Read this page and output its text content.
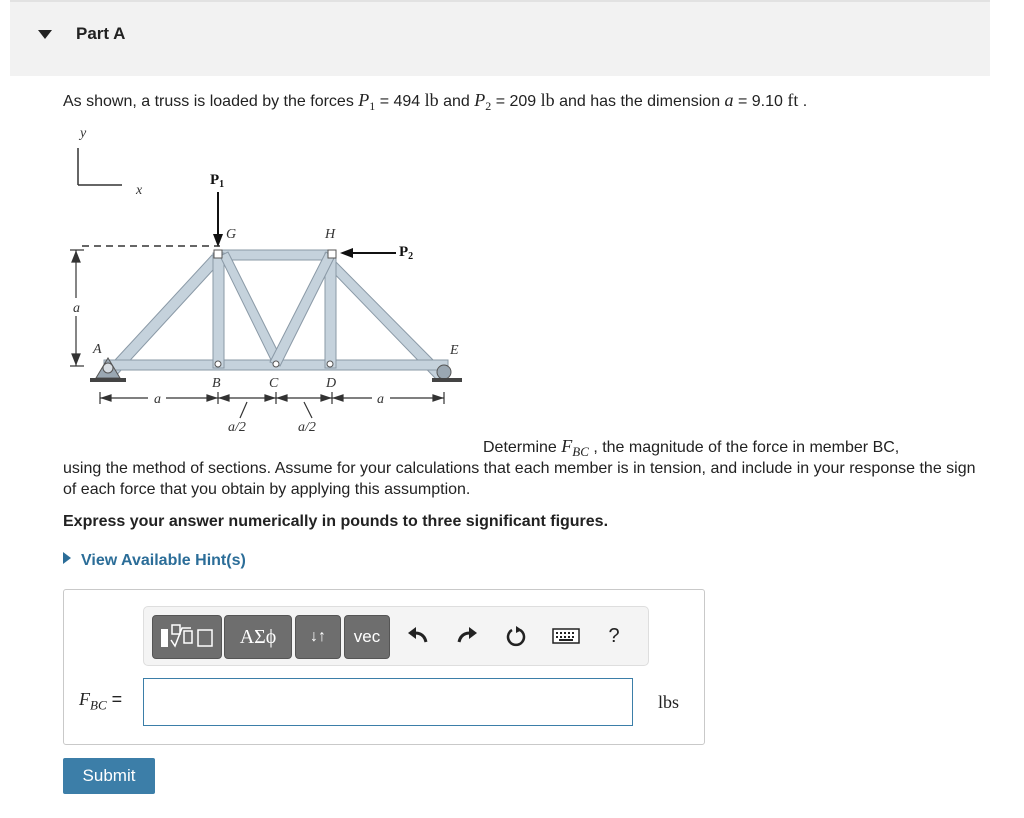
Part A
As shown, a truss is loaded by the forces $P_1 = 494$ lb and $P_2 = 209$ lb and has the dimension a = 9.10 ft .
y
x
a
$P_1$
$P_2$
G	H
A	E
B	C	D
a	a
a/2	a/2
Determine $F_{BC}$ , the magnitude of the force in member BC,
using the method of sections. Assume for your calculations that each member is in tension, and include in your response the sign of each force that you obtain by applying this assumption.
Express your answer numerically in pounds to three significant figures.
View Available Hint(s)
ΑΣϕ	↓↑	vec	?
$F_{BC}$ =	lbs
Submit
